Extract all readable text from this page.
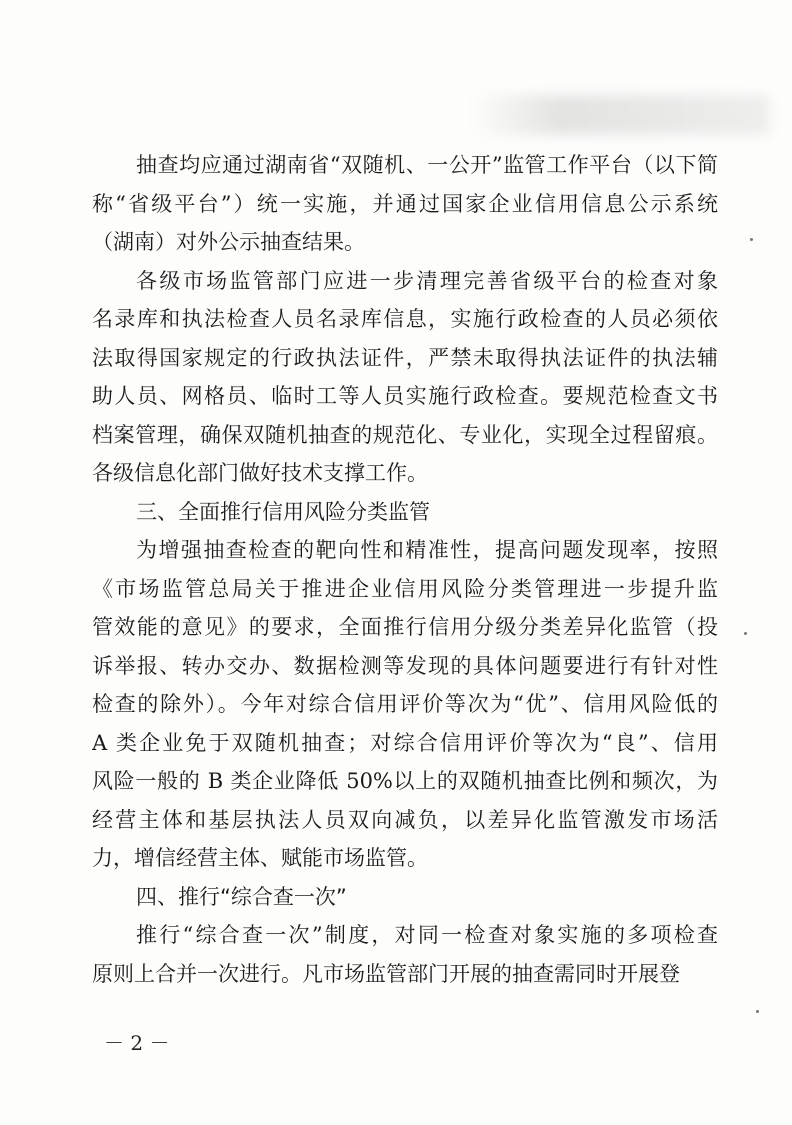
抽查均应通过湖南省“双随机、一公开”监管工作平台（以下简
称“省级平台”）统一实施，并通过国家企业信用信息公示系统
（湖南）对外公示抽查结果。
各级市场监管部门应进一步清理完善省级平台的检查对象
名录库和执法检查人员名录库信息，实施行政检查的人员必须依
法取得国家规定的行政执法证件，严禁未取得执法证件的执法辅
助人员、网格员、临时工等人员实施行政检查。要规范检查文书
档案管理，确保双随机抽查的规范化、专业化，实现全过程留痕。
各级信息化部门做好技术支撑工作。
三、全面推行信用风险分类监管
为增强抽查检查的靶向性和精准性，提高问题发现率，按照
《市场监管总局关于推进企业信用风险分类管理进一步提升监
管效能的意见》的要求，全面推行信用分级分类差异化监管（投
诉举报、转办交办、数据检测等发现的具体问题要进行有针对性
检查的除外）。今年对综合信用评价等次为“优”、信用风险低的
A 类企业免于双随机抽查；对综合信用评价等次为“良”、信用
风险一般的 B 类企业降低 50%以上的双随机抽查比例和频次，为
经营主体和基层执法人员双向减负，以差异化监管激发市场活
力，增信经营主体、赋能市场监管。
四、推行“综合查一次”
推行“综合查一次”制度，对同一检查对象实施的多项检查
原则上合并一次进行。凡市场监管部门开展的抽查需同时开展登
－ 2 －
